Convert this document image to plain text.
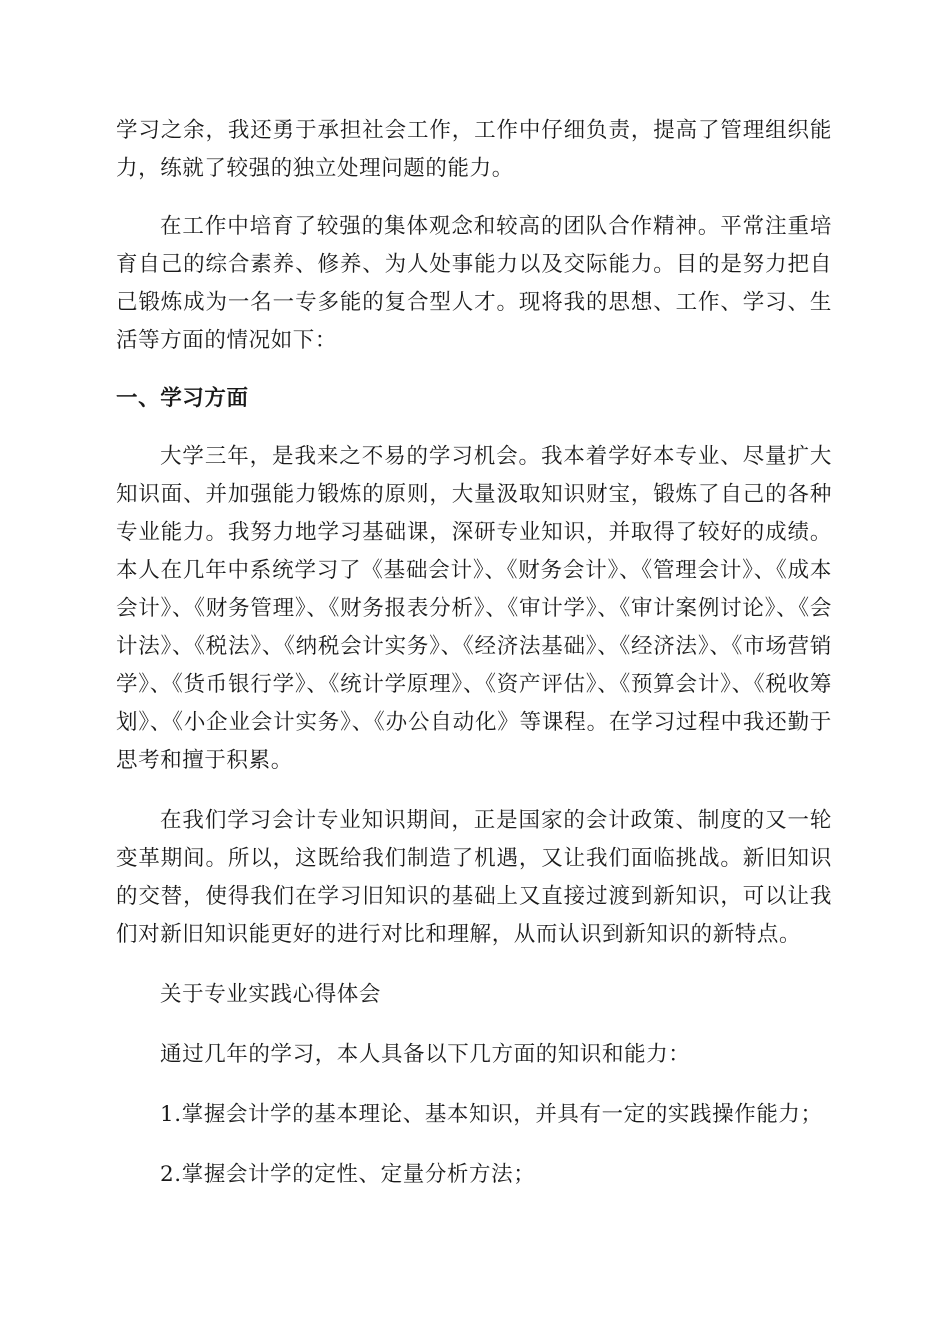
学习之余，我还勇于承担社会工作，工作中仔细负责，提高了管理组织能力，练就了较强的独立处理问题的能力。

在工作中培育了较强的集体观念和较高的团队合作精神。平常注重培育自己的综合素养、修养、为人处事能力以及交际能力。目的是努力把自己锻炼成为一名一专多能的复合型人才。现将我的思想、工作、学习、生活等方面的情况如下：

一、学习方面

大学三年，是我来之不易的学习机会。我本着学好本专业、尽量扩大知识面、并加强能力锻炼的原则，大量汲取知识财宝，锻炼了自己的各种专业能力。我努力地学习基础课，深研专业知识，并取得了较好的成绩。本人在几年中系统学习了《基础会计》、《财务会计》、《管理会计》、《成本会计》、《财务管理》、《财务报表分析》、《审计学》、《审计案例讨论》、《会计法》、《税法》、《纳税会计实务》、《经济法基础》、《经济法》、《市场营销学》、《货币银行学》、《统计学原理》、《资产评估》、《预算会计》、《税收筹划》、《小企业会计实务》、《办公自动化》等课程。在学习过程中我还勤于思考和擅于积累。

在我们学习会计专业知识期间，正是国家的会计政策、制度的又一轮变革期间。所以，这既给我们制造了机遇，又让我们面临挑战。新旧知识的交替，使得我们在学习旧知识的基础上又直接过渡到新知识，可以让我们对新旧知识能更好的进行对比和理解，从而认识到新知识的新特点。

关于专业实践心得体会

通过几年的学习，本人具备以下几方面的知识和能力：

1.掌握会计学的基本理论、基本知识，并具有一定的实践操作能力；

2.掌握会计学的定性、定量分析方法；
